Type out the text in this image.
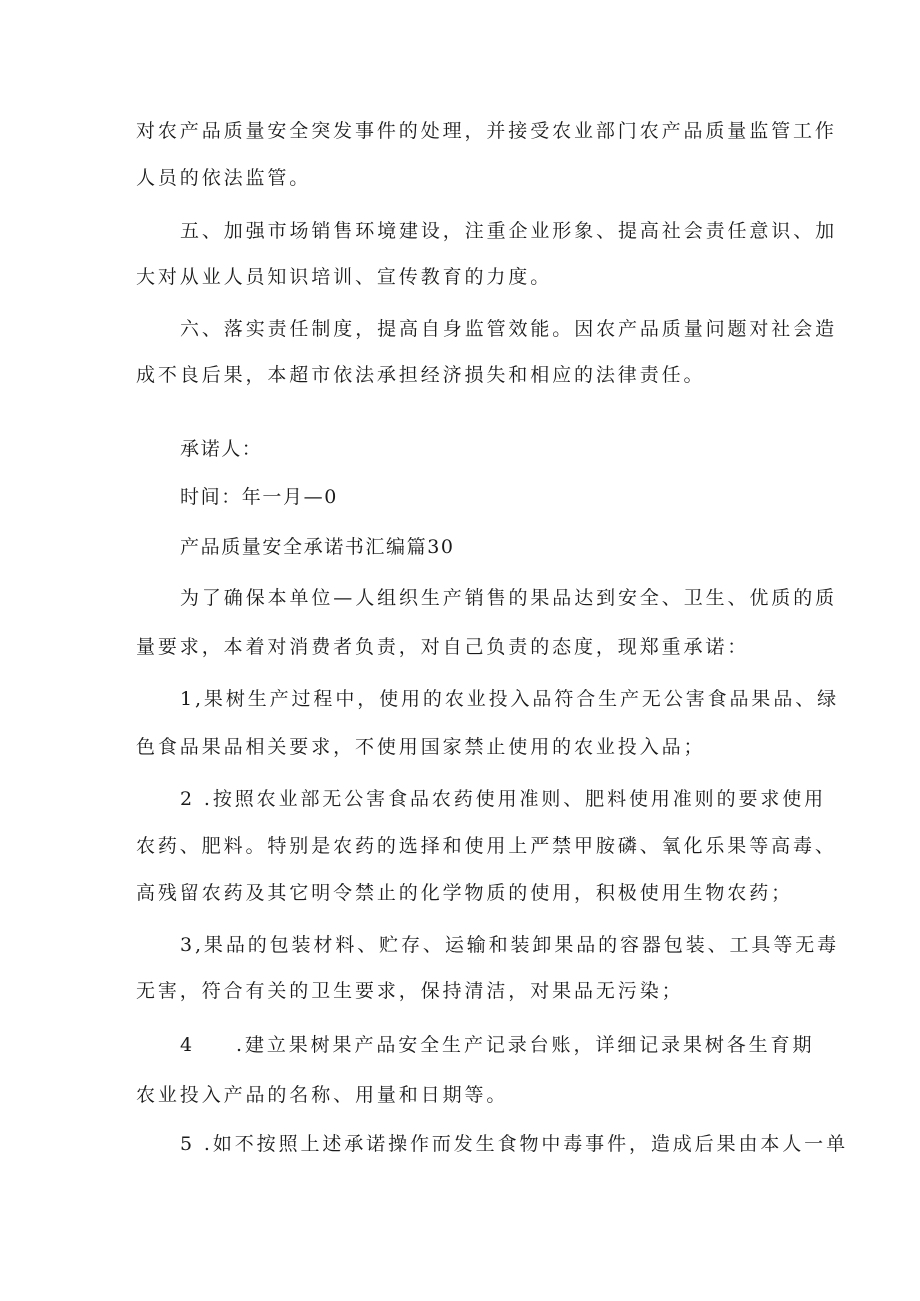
对农产品质量安全突发事件的处理，并接受农业部门农产品质量监管工作

人员的依法监管。

五、加强市场销售环境建设，注重企业形象、提高社会责任意识、加

大对从业人员知识培训、宣传教育的力度。

六、落实责任制度，提高自身监管效能。因农产品质量问题对社会造

成不良后果，本超市依法承担经济损失和相应的法律责任。

承诺人：

时间：年一月—0

产品质量安全承诺书汇编篇30

为了确保本单位—人组织生产销售的果品达到安全、卫生、优质的质

量要求，本着对消费者负责，对自己负责的态度，现郑重承诺：

1,果树生产过程中，使用的农业投入品符合生产无公害食品果品、绿

色食品果品相关要求，不使用国家禁止使用的农业投入品；

2 .按照农业部无公害食品农药使用准则、肥料使用准则的要求使用

农药、肥料。特别是农药的选择和使用上严禁甲胺磷、氧化乐果等高毒、

高残留农药及其它明令禁止的化学物质的使用，积极使用生物农药；

3,果品的包装材料、贮存、运输和装卸果品的容器包装、工具等无毒

无害，符合有关的卫生要求，保持清洁，对果品无污染；

4 .建立果树果产品安全生产记录台账，详细记录果树各生育期

农业投入产品的名称、用量和日期等。

5 .如不按照上述承诺操作而发生食物中毒事件，造成后果由本人一单
